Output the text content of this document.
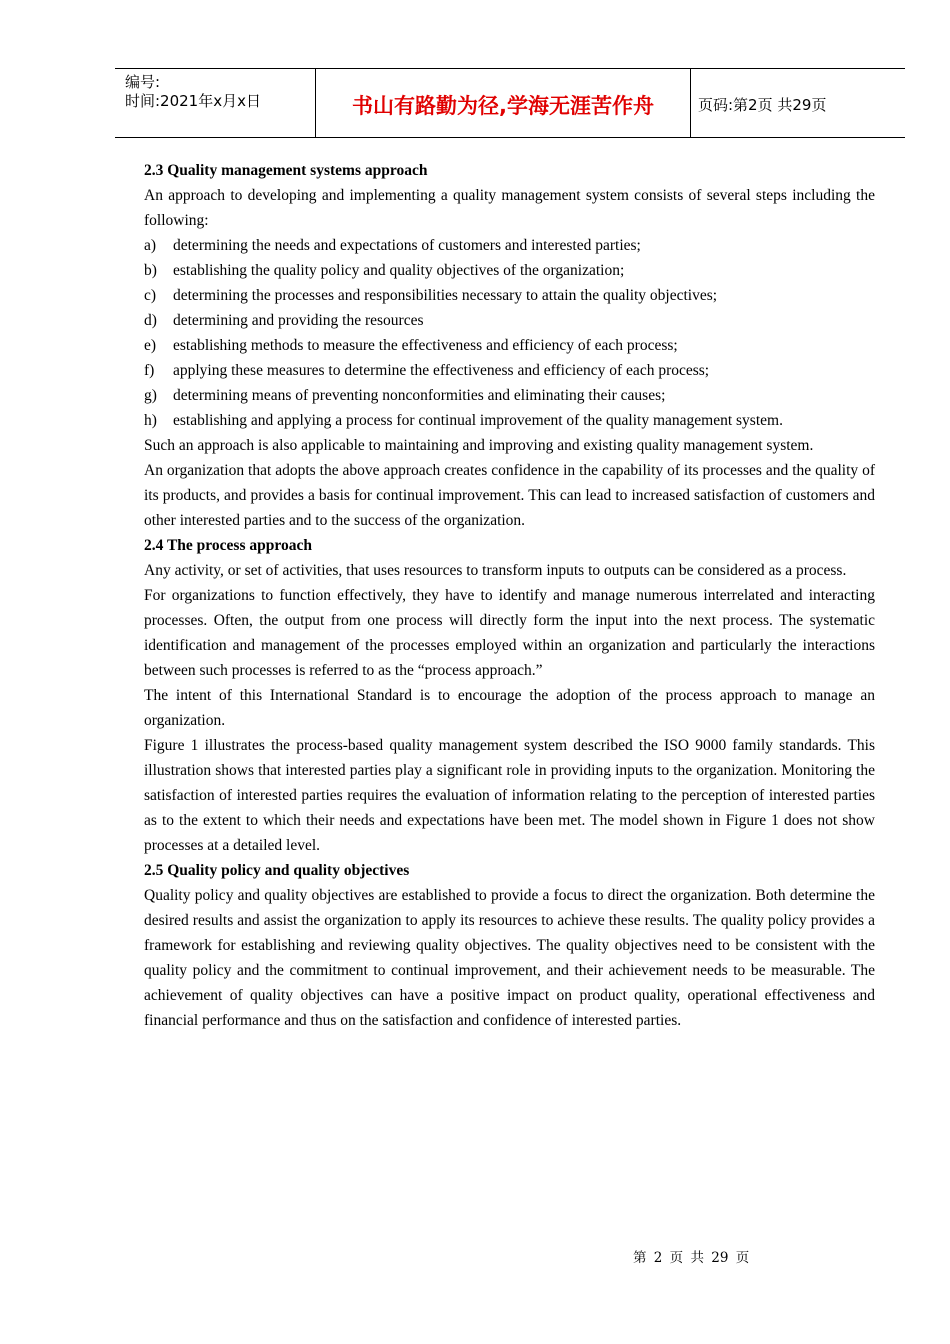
编号:
时间:2021年x月x日	书山有路勤为径,学海无涯苦作舟	页码:第2页 共29页
2.3 Quality management systems approach

An approach to developing and implementing a quality management system consists of several steps including the following:

a)	determining the needs and expectations of customers and interested parties;
b)	establishing the quality policy and quality objectives of the organization;
c)	determining the processes and responsibilities necessary to attain the quality objectives;
d)	determining and providing the resources
e)	establishing methods to measure the effectiveness and efficiency of each process;
f)	applying these measures to determine the effectiveness and efficiency of each process;
g)	determining means of preventing nonconformities and eliminating their causes;
h)	establishing and applying a process for continual improvement of the quality management system.

Such an approach is also applicable to maintaining and improving and existing quality management system.

An organization that adopts the above approach creates confidence in the capability of its processes and the quality of its products, and provides a basis for continual improvement. This can lead to increased satisfaction of customers and other interested parties and to the success of the organization.

2.4 The process approach

Any activity, or set of activities, that uses resources to transform inputs to outputs can be considered as a process.

For organizations to function effectively, they have to identify and manage numerous interrelated and interacting processes. Often, the output from one process will directly form the input into the next process. The systematic identification and management of the processes employed within an organization and particularly the interactions between such processes is referred to as the “process approach.”

The intent of this International Standard is to encourage the adoption of the process approach to manage an organization.

Figure 1 illustrates the process-based quality management system described the ISO 9000 family standards. This illustration shows that interested parties play a significant role in providing inputs to the organization. Monitoring the satisfaction of interested parties requires the evaluation of information relating to the perception of interested parties as to the extent to which their needs and expectations have been met. The model shown in Figure 1 does not show processes at a detailed level.

2.5 Quality policy and quality objectives

Quality policy and quality objectives are established to provide a focus to direct the organization. Both determine the desired results and assist the organization to apply its resources to achieve these results. The quality policy provides a framework for establishing and reviewing quality objectives. The quality objectives need to be consistent with the quality policy and the commitment to continual improvement, and their achievement needs to be measurable. The achievement of quality objectives can have a positive impact on product quality, operational effectiveness and financial performance and thus on the satisfaction and confidence of interested parties.

第 2 页 共 29 页
